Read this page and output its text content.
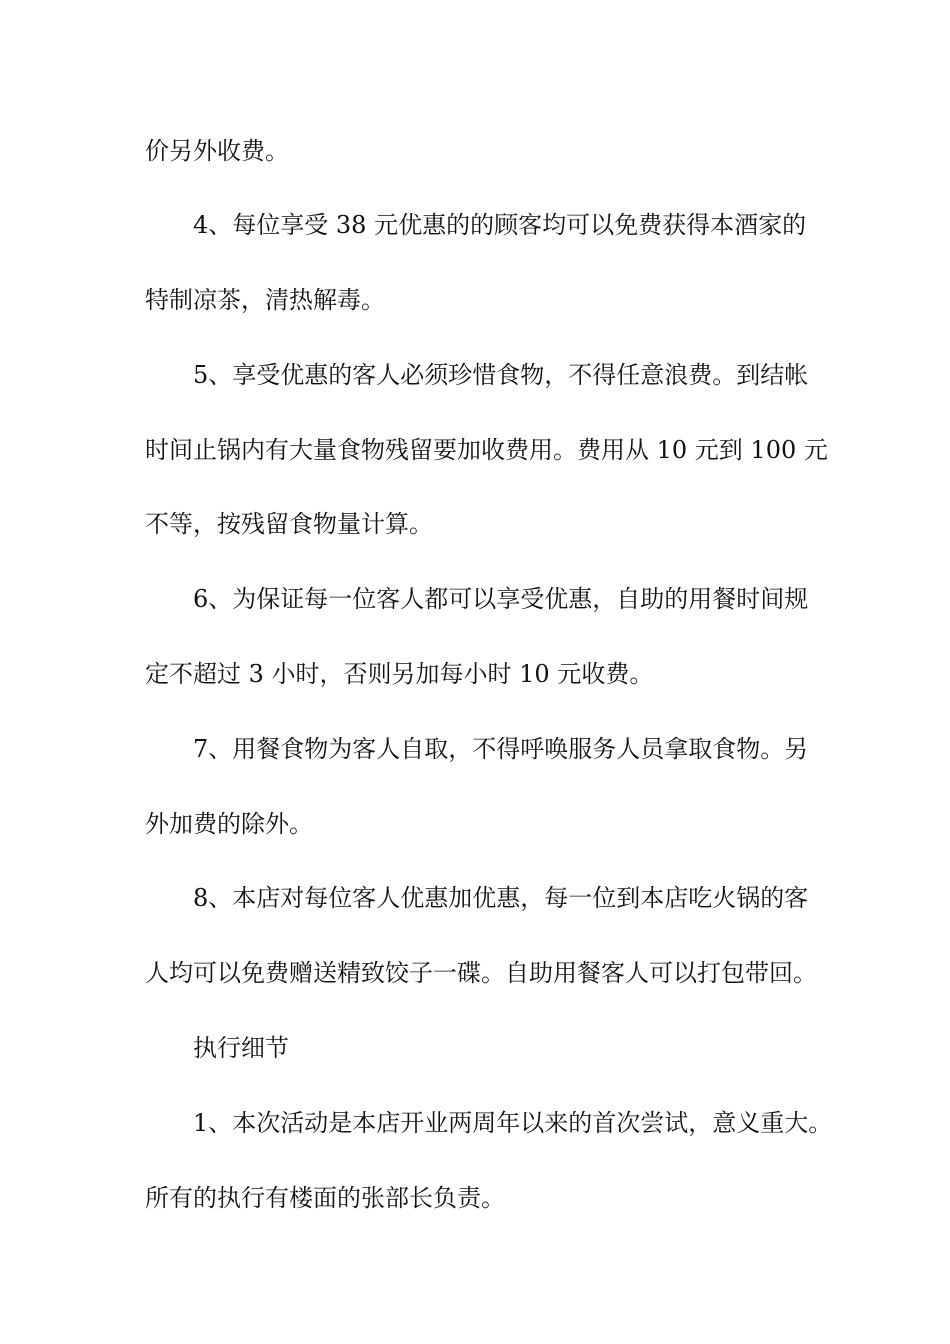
价另外收费。
4、每位享受 38 元优惠的的顾客均可以免费获得本酒家的
特制凉茶，清热解毒。
5、享受优惠的客人必须珍惜食物，不得任意浪费。到结帐
时间止锅内有大量食物残留要加收费用。费用从 10 元到 100 元
不等，按残留食物量计算。
6、为保证每一位客人都可以享受优惠，自助的用餐时间规
定不超过 3 小时，否则另加每小时 10 元收费。
7、用餐食物为客人自取，不得呼唤服务人员拿取食物。另
外加费的除外。
8、本店对每位客人优惠加优惠，每一位到本店吃火锅的客
人均可以免费赠送精致饺子一碟。自助用餐客人可以打包带回。
执行细节
1、本次活动是本店开业两周年以来的首次尝试，意义重大。
所有的执行有楼面的张部长负责。
